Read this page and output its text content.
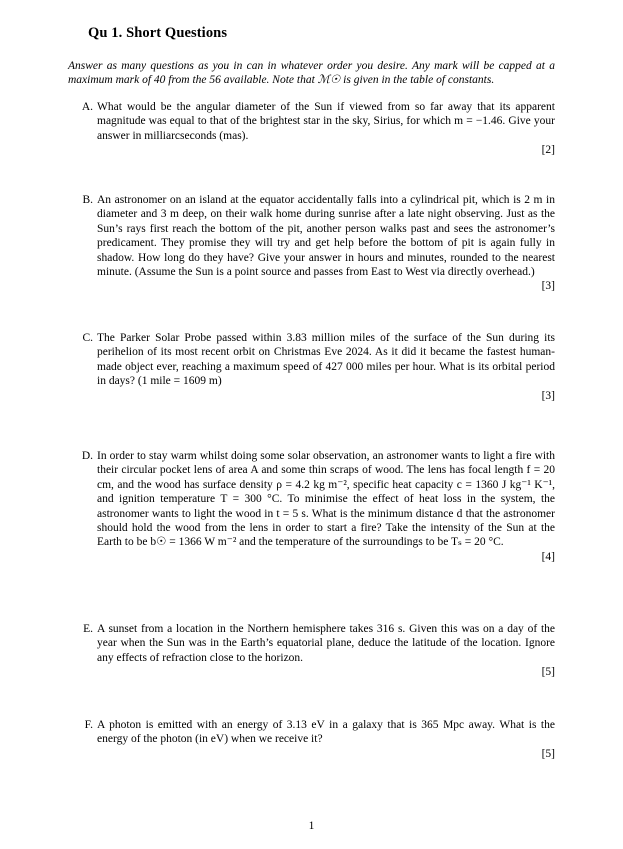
Qu 1. Short Questions
Answer as many questions as you in can in whatever order you desire. Any mark will be capped at a maximum mark of 40 from the 56 available. Note that ℳ☉ is given in the table of constants.
A. What would be the angular diameter of the Sun if viewed from so far away that its apparent magnitude was equal to that of the brightest star in the sky, Sirius, for which m = −1.46. Give your answer in milliarcseconds (mas).
[2]
B. An astronomer on an island at the equator accidentally falls into a cylindrical pit, which is 2 m in diameter and 3 m deep, on their walk home during sunrise after a late night observing. Just as the Sun’s rays first reach the bottom of the pit, another person walks past and sees the astronomer’s predicament. They promise they will try and get help before the bottom of pit is again fully in shadow. How long do they have? Give your answer in hours and minutes, rounded to the nearest minute. (Assume the Sun is a point source and passes from East to West via directly overhead.)
[3]
C. The Parker Solar Probe passed within 3.83 million miles of the surface of the Sun during its perihelion of its most recent orbit on Christmas Eve 2024. As it did it became the fastest human-made object ever, reaching a maximum speed of 427 000 miles per hour. What is its orbital period in days? (1 mile = 1609 m)
[3]
D. In order to stay warm whilst doing some solar observation, an astronomer wants to light a fire with their circular pocket lens of area A and some thin scraps of wood. The lens has focal length f = 20 cm, and the wood has surface density ρ = 4.2 kg m⁻², specific heat capacity c = 1360 J kg⁻¹ K⁻¹, and ignition temperature T = 300 °C. To minimise the effect of heat loss in the system, the astronomer wants to light the wood in t = 5 s. What is the minimum distance d that the astronomer should hold the wood from the lens in order to start a fire? Take the intensity of the Sun at the Earth to be b☉ = 1366 W m⁻² and the temperature of the surroundings to be Tₛ = 20 °C.
[4]
E. A sunset from a location in the Northern hemisphere takes 316 s. Given this was on a day of the year when the Sun was in the Earth’s equatorial plane, deduce the latitude of the location. Ignore any effects of refraction close to the horizon.
[5]
F. A photon is emitted with an energy of 3.13 eV in a galaxy that is 365 Mpc away. What is the energy of the photon (in eV) when we receive it?
[5]
1
